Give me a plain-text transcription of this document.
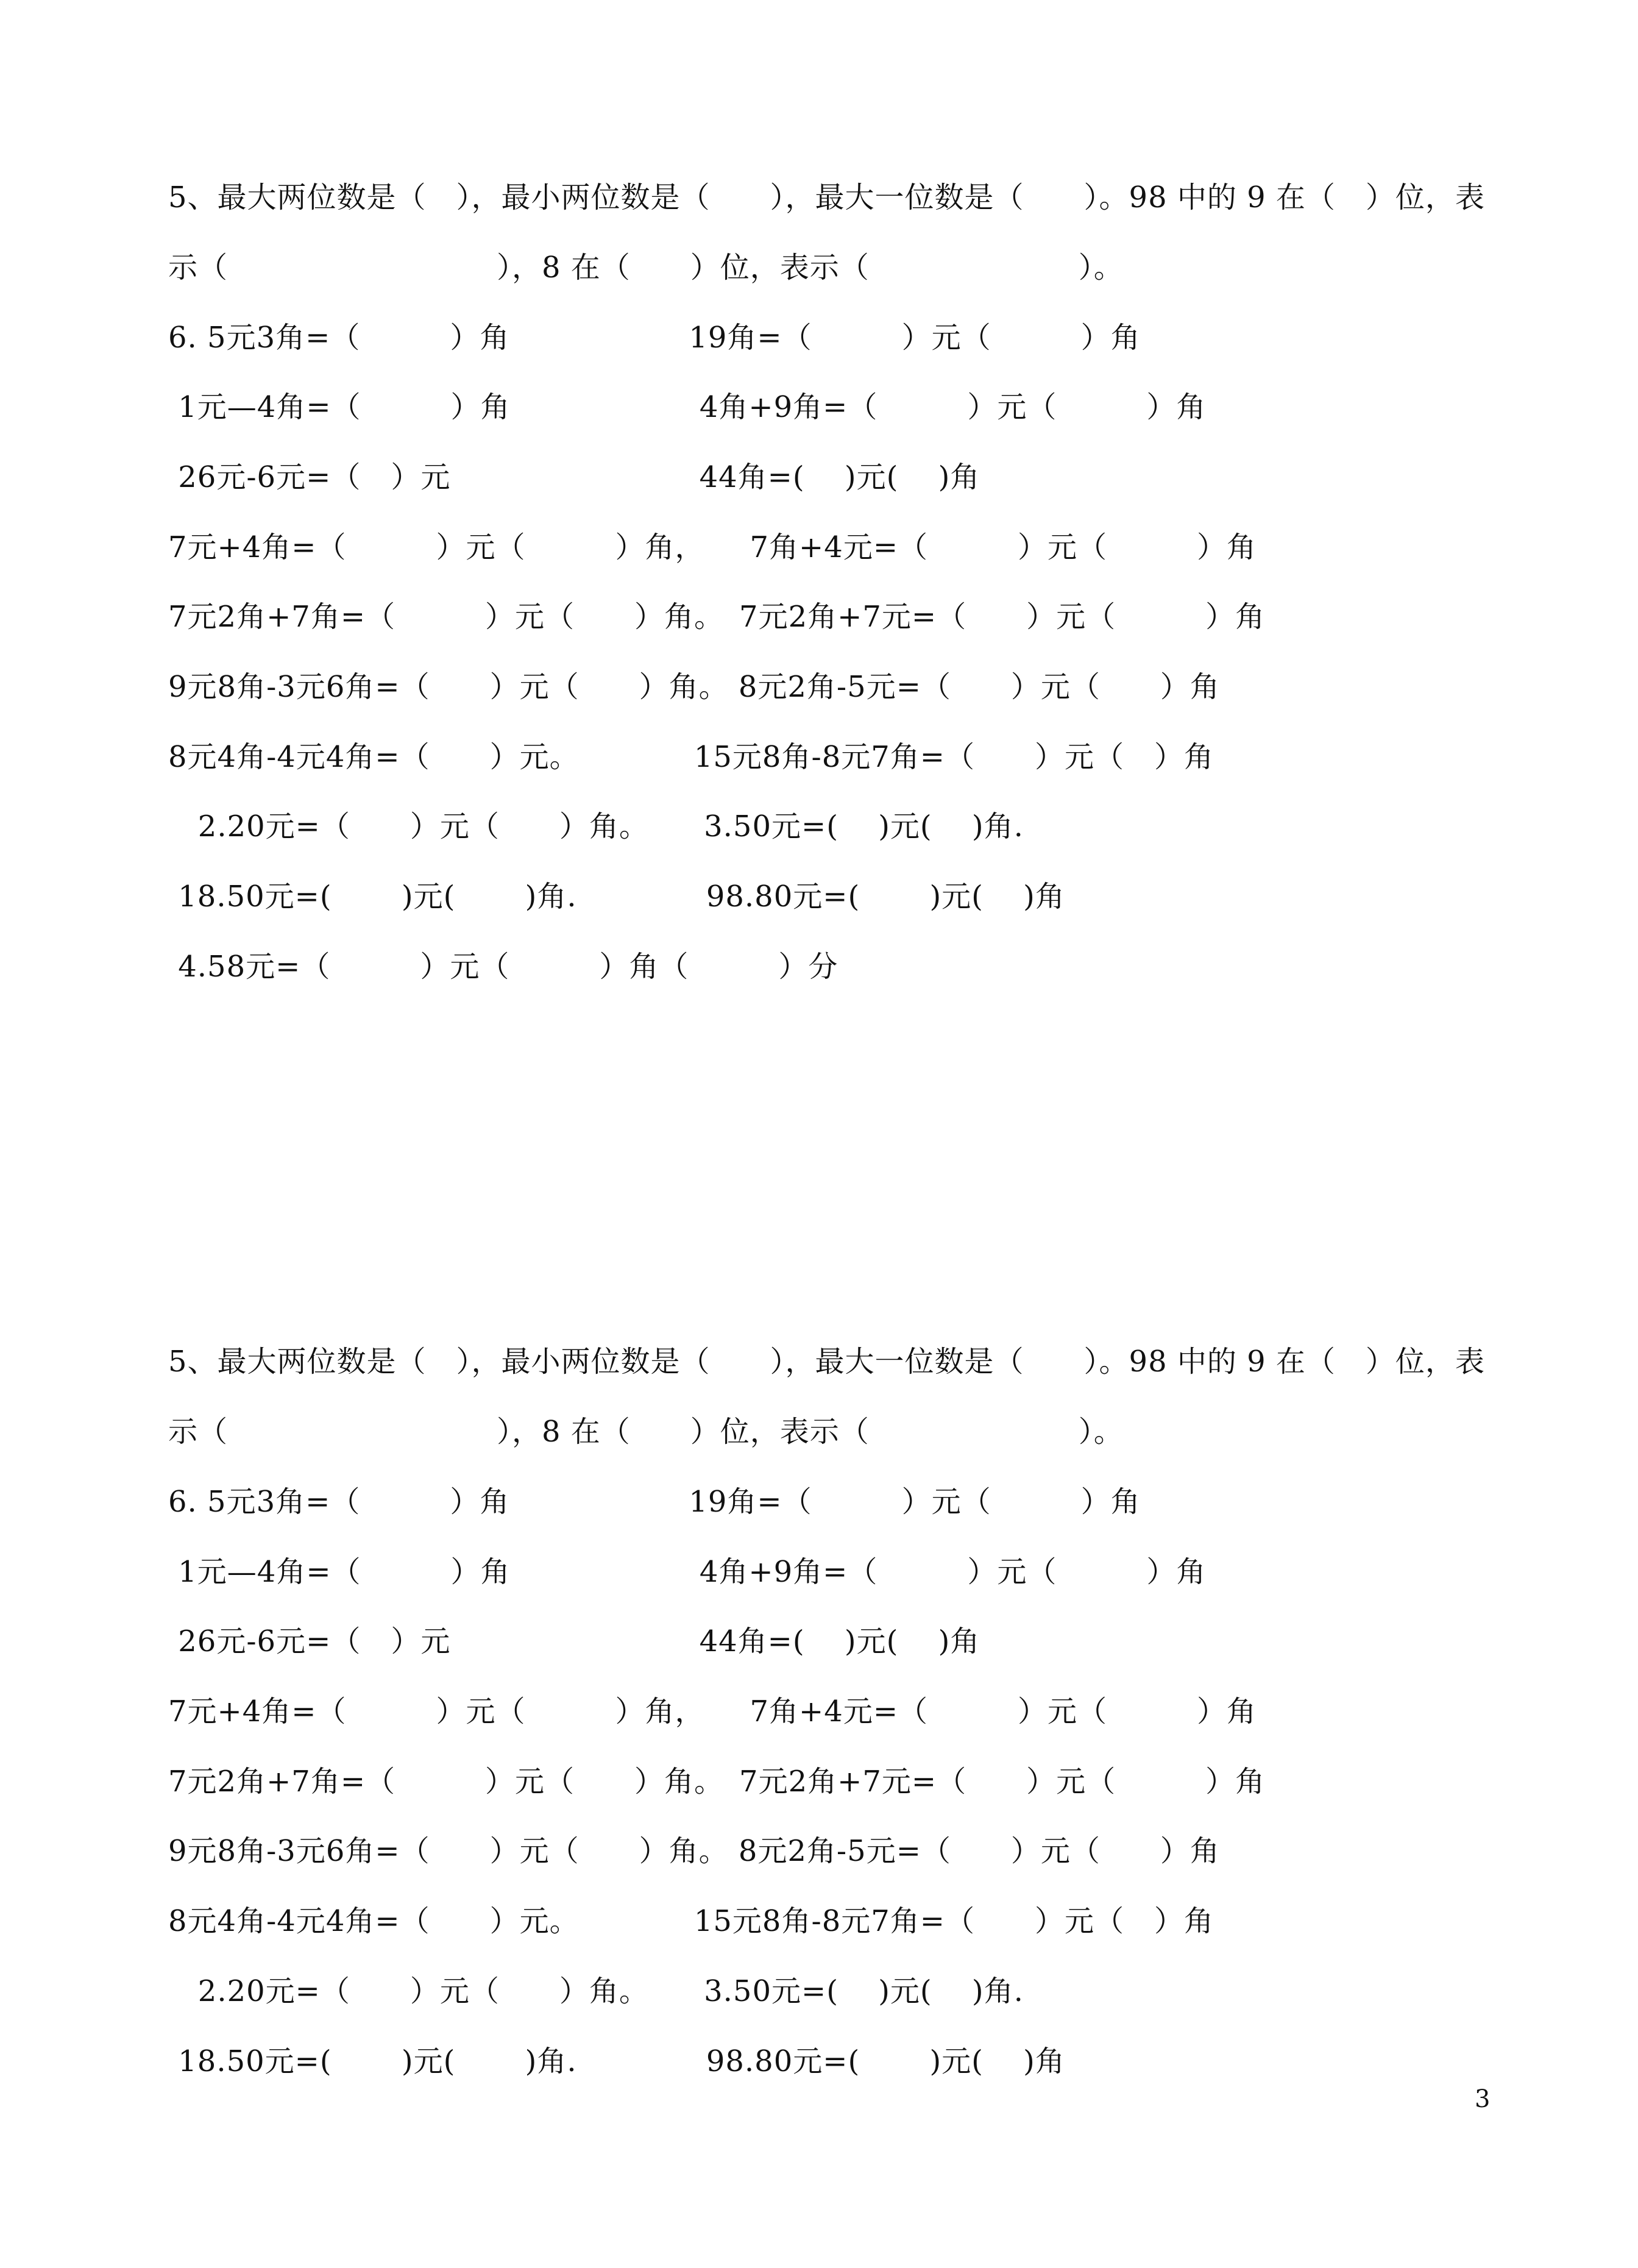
5、最大两位数是（　），最小两位数是（　　），最大一位数是（　　）。98 中的 9 在（　）位，表
示（　　　　　　　　　），8 在（　　）位，表示（　　　　　　　）。
6. 5元3角=（　　　）角　　　　　　19角=（　　　）元（　　　）角
1元—4角=（　　　）角　　　　　　 4角+9角=（　　　）元（　　　）角
26元-6元=（　）元　　　　　　　　 44角=(　 )元(　 )角
7元+4角=（　　　）元（　　　）角，　　7角+4元=（　　　）元（　　　）角
7元2角+7角=（　　　）元（　　）角。　7元2角+7元=（　　）元（　　　）角
9元8角-3元6角=（　　）元（　　）角。 8元2角-5元=（　　）元（　　）角
8元4角-4元4角=（　　）元。　　　　 15元8角-8元7角=（　　）元（　）角
2.20元=（　　）元（　　）角。　　 3.50元=(　 )元(　 )角.
18.50元=(　　 )元(　　 )角.　　　　 98.80元=(　　 )元(　 )角
4.58元=（　　　）元（　　　）角（　　　）分
5、最大两位数是（　），最小两位数是（　　），最大一位数是（　　）。98 中的 9 在（　）位，表
示（　　　　　　　　　），8 在（　　）位，表示（　　　　　　　）。
6. 5元3角=（　　　）角　　　　　　19角=（　　　）元（　　　）角
1元—4角=（　　　）角　　　　　　 4角+9角=（　　　）元（　　　）角
26元-6元=（　）元　　　　　　　　 44角=(　 )元(　 )角
7元+4角=（　　　）元（　　　）角，　　7角+4元=（　　　）元（　　　）角
7元2角+7角=（　　　）元（　　）角。　7元2角+7元=（　　）元（　　　）角
9元8角-3元6角=（　　）元（　　）角。 8元2角-5元=（　　）元（　　）角
8元4角-4元4角=（　　）元。　　　　 15元8角-8元7角=（　　）元（　）角
2.20元=（　　）元（　　）角。　　 3.50元=(　 )元(　 )角.
18.50元=(　　 )元(　　 )角.　　　　 98.80元=(　　 )元(　 )角
3
